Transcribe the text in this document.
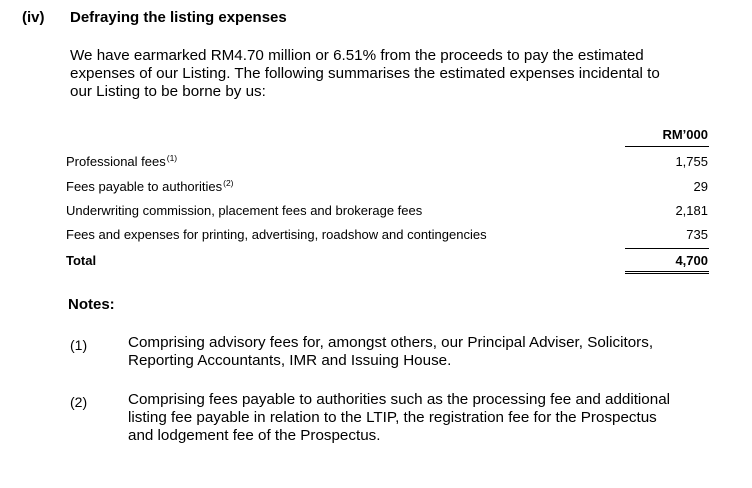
(iv) Defraying the listing expenses

We have earmarked RM4.70 million or 6.51% from the proceeds to pay the estimated

expenses of our Listing. The following summarises the estimated expenses incidental to

our Listing to be borne by us:

RM’000
Professional fees$^{(1)}$	1,755
Fees payable to authorities$^{(2)}$	29
Underwriting commission, placement fees and brokerage fees	2,181
Fees and expenses for printing, advertising, roadshow and contingencies	735
Total	4,700
Notes:
(1)	Comprising advisory fees for, amongst others, our Principal Adviser, Solicitors,

Reporting Accountants, IMR and Issuing House.

(2)	Comprising fees payable to authorities such as the processing fee and additional

listing fee payable in relation to the LTIP, the registration fee for the Prospectus

and lodgement fee of the Prospectus.
